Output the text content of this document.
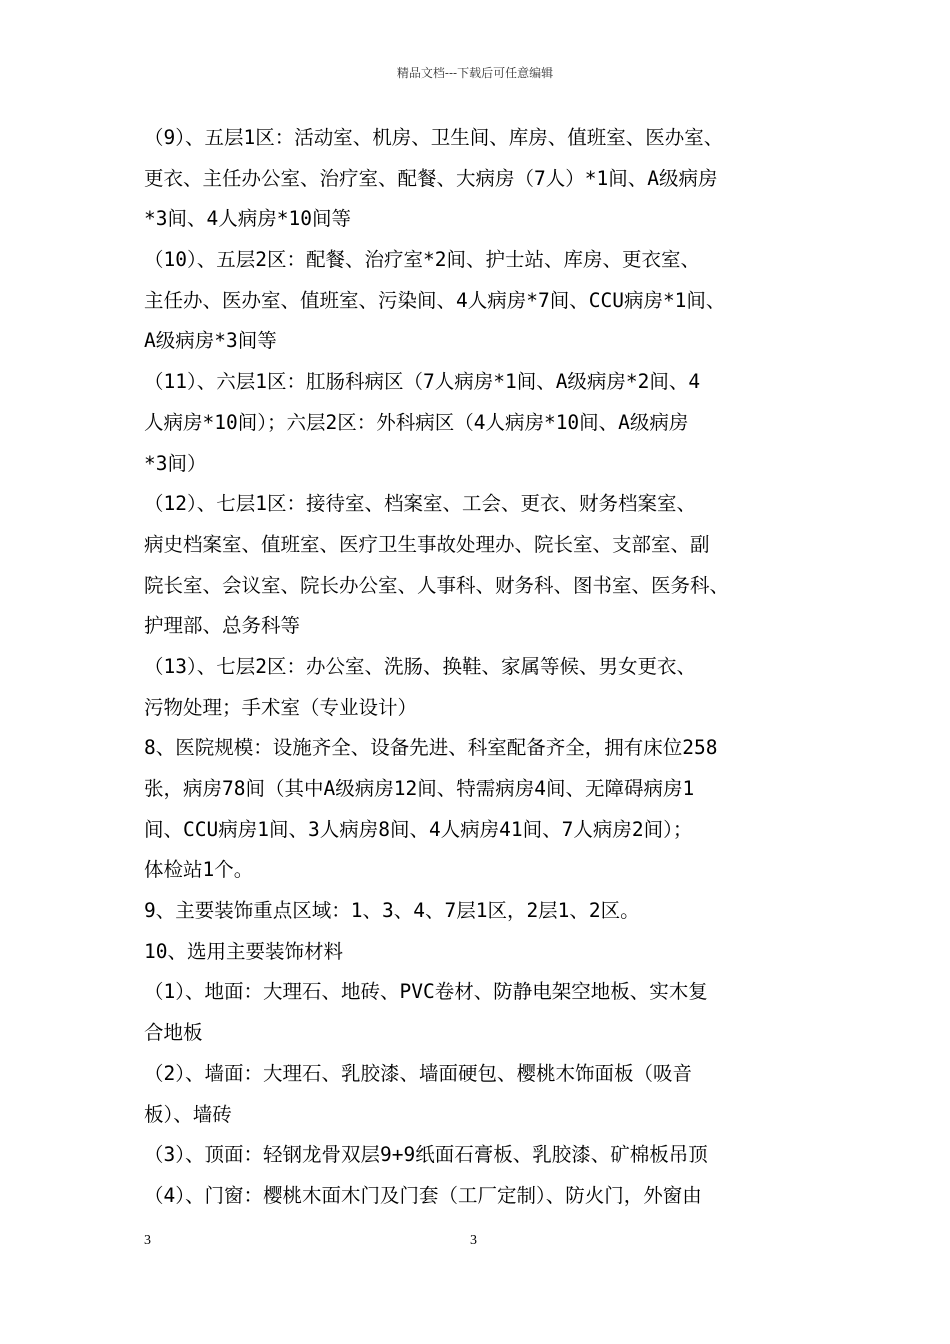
精品文档---下载后可任意编辑
（9）、五层1区：活动室、机房、卫生间、库房、值班室、医办室、
更衣、主任办公室、治疗室、配餐、大病房（7人）*1间、A级病房
*3间、4人病房*10间等
（10）、五层2区：配餐、治疗室*2间、护士站、库房、更衣室、
主任办、医办室、值班室、污染间、4人病房*7间、CCU病房*1间、
A级病房*3间等
（11）、六层1区：肛肠科病区（7人病房*1间、A级病房*2间、4
人病房*10间）；六层2区：外科病区（4人病房*10间、A级病房
*3间）
（12）、七层1区：接待室、档案室、工会、更衣、财务档案室、
病史档案室、值班室、医疗卫生事故处理办、院长室、支部室、副
院长室、会议室、院长办公室、人事科、财务科、图书室、医务科、
护理部、总务科等
（13）、七层2区：办公室、洗肠、换鞋、家属等候、男女更衣、
污物处理；手术室（专业设计）
8、医院规模：设施齐全、设备先进、科室配备齐全，拥有床位258
张，病房78间（其中A级病房12间、特需病房4间、无障碍病房1
间、CCU病房1间、3人病房8间、4人病房41间、7人病房2间）；
体检站1个。
9、主要装饰重点区域：1、3、4、7层1区，2层1、2区。
10、选用主要装饰材料
（1）、地面：大理石、地砖、PVC卷材、防静电架空地板、实木复
合地板
（2）、墙面：大理石、乳胶漆、墙面硬包、樱桃木饰面板（吸音
板）、墙砖
（3）、顶面：轻钢龙骨双层9+9纸面石膏板、乳胶漆、矿棉板吊顶
（4）、门窗：樱桃木面木门及门套（工厂定制）、防火门，外窗由
3	3
